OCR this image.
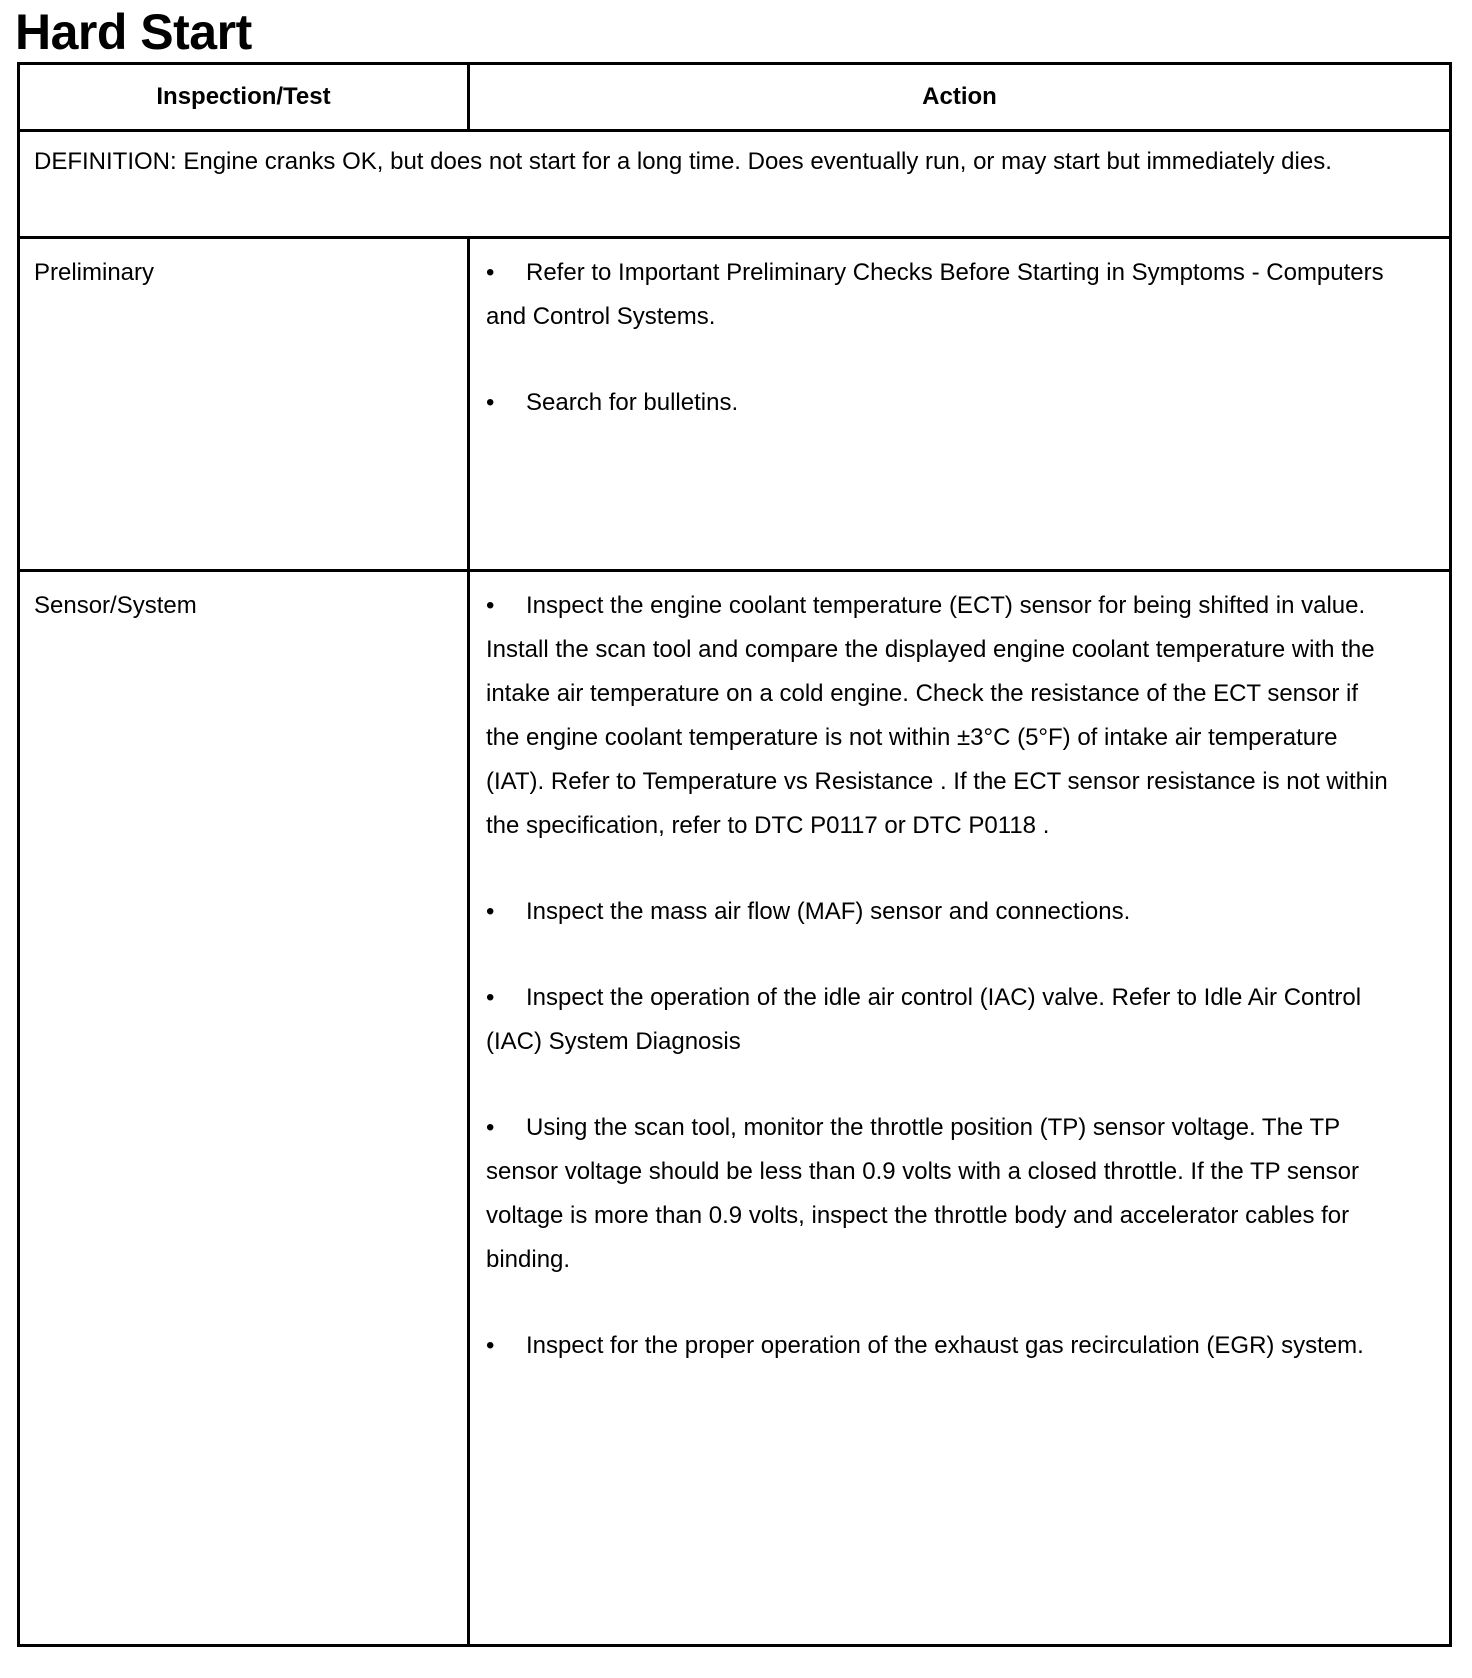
Hard Start
Inspection/Test	Action
DEFINITION: Engine cranks OK, but does not start for a long time. Does eventually run, or may start but immediately dies.	
Preliminary	• Refer to Important Preliminary Checks Before Starting in Symptoms - Computers and Control Systems.
• Search for bulletins.

Sensor/System	• Inspect the engine coolant temperature (ECT) sensor for being shifted in value. Install the scan tool and compare the displayed engine coolant temperature with the intake air temperature on a cold engine. Check the resistance of the ECT sensor if the engine coolant temperature is not within ±3°C (5°F) of intake air temperature (IAT). Refer to Temperature vs Resistance . If the ECT sensor resistance is not within the specification, refer to DTC P0117 or DTC P0118 .
• Inspect the mass air flow (MAF) sensor and connections.
• Inspect the operation of the idle air control (IAC) valve. Refer to Idle Air Control (IAC) System Diagnosis
• Using the scan tool, monitor the throttle position (TP) sensor voltage. The TP sensor voltage should be less than 0.9 volts with a closed throttle. If the TP sensor voltage is more than 0.9 volts, inspect the throttle body and accelerator cables for binding.
• Inspect for the proper operation of the exhaust gas recirculation (EGR) system.
